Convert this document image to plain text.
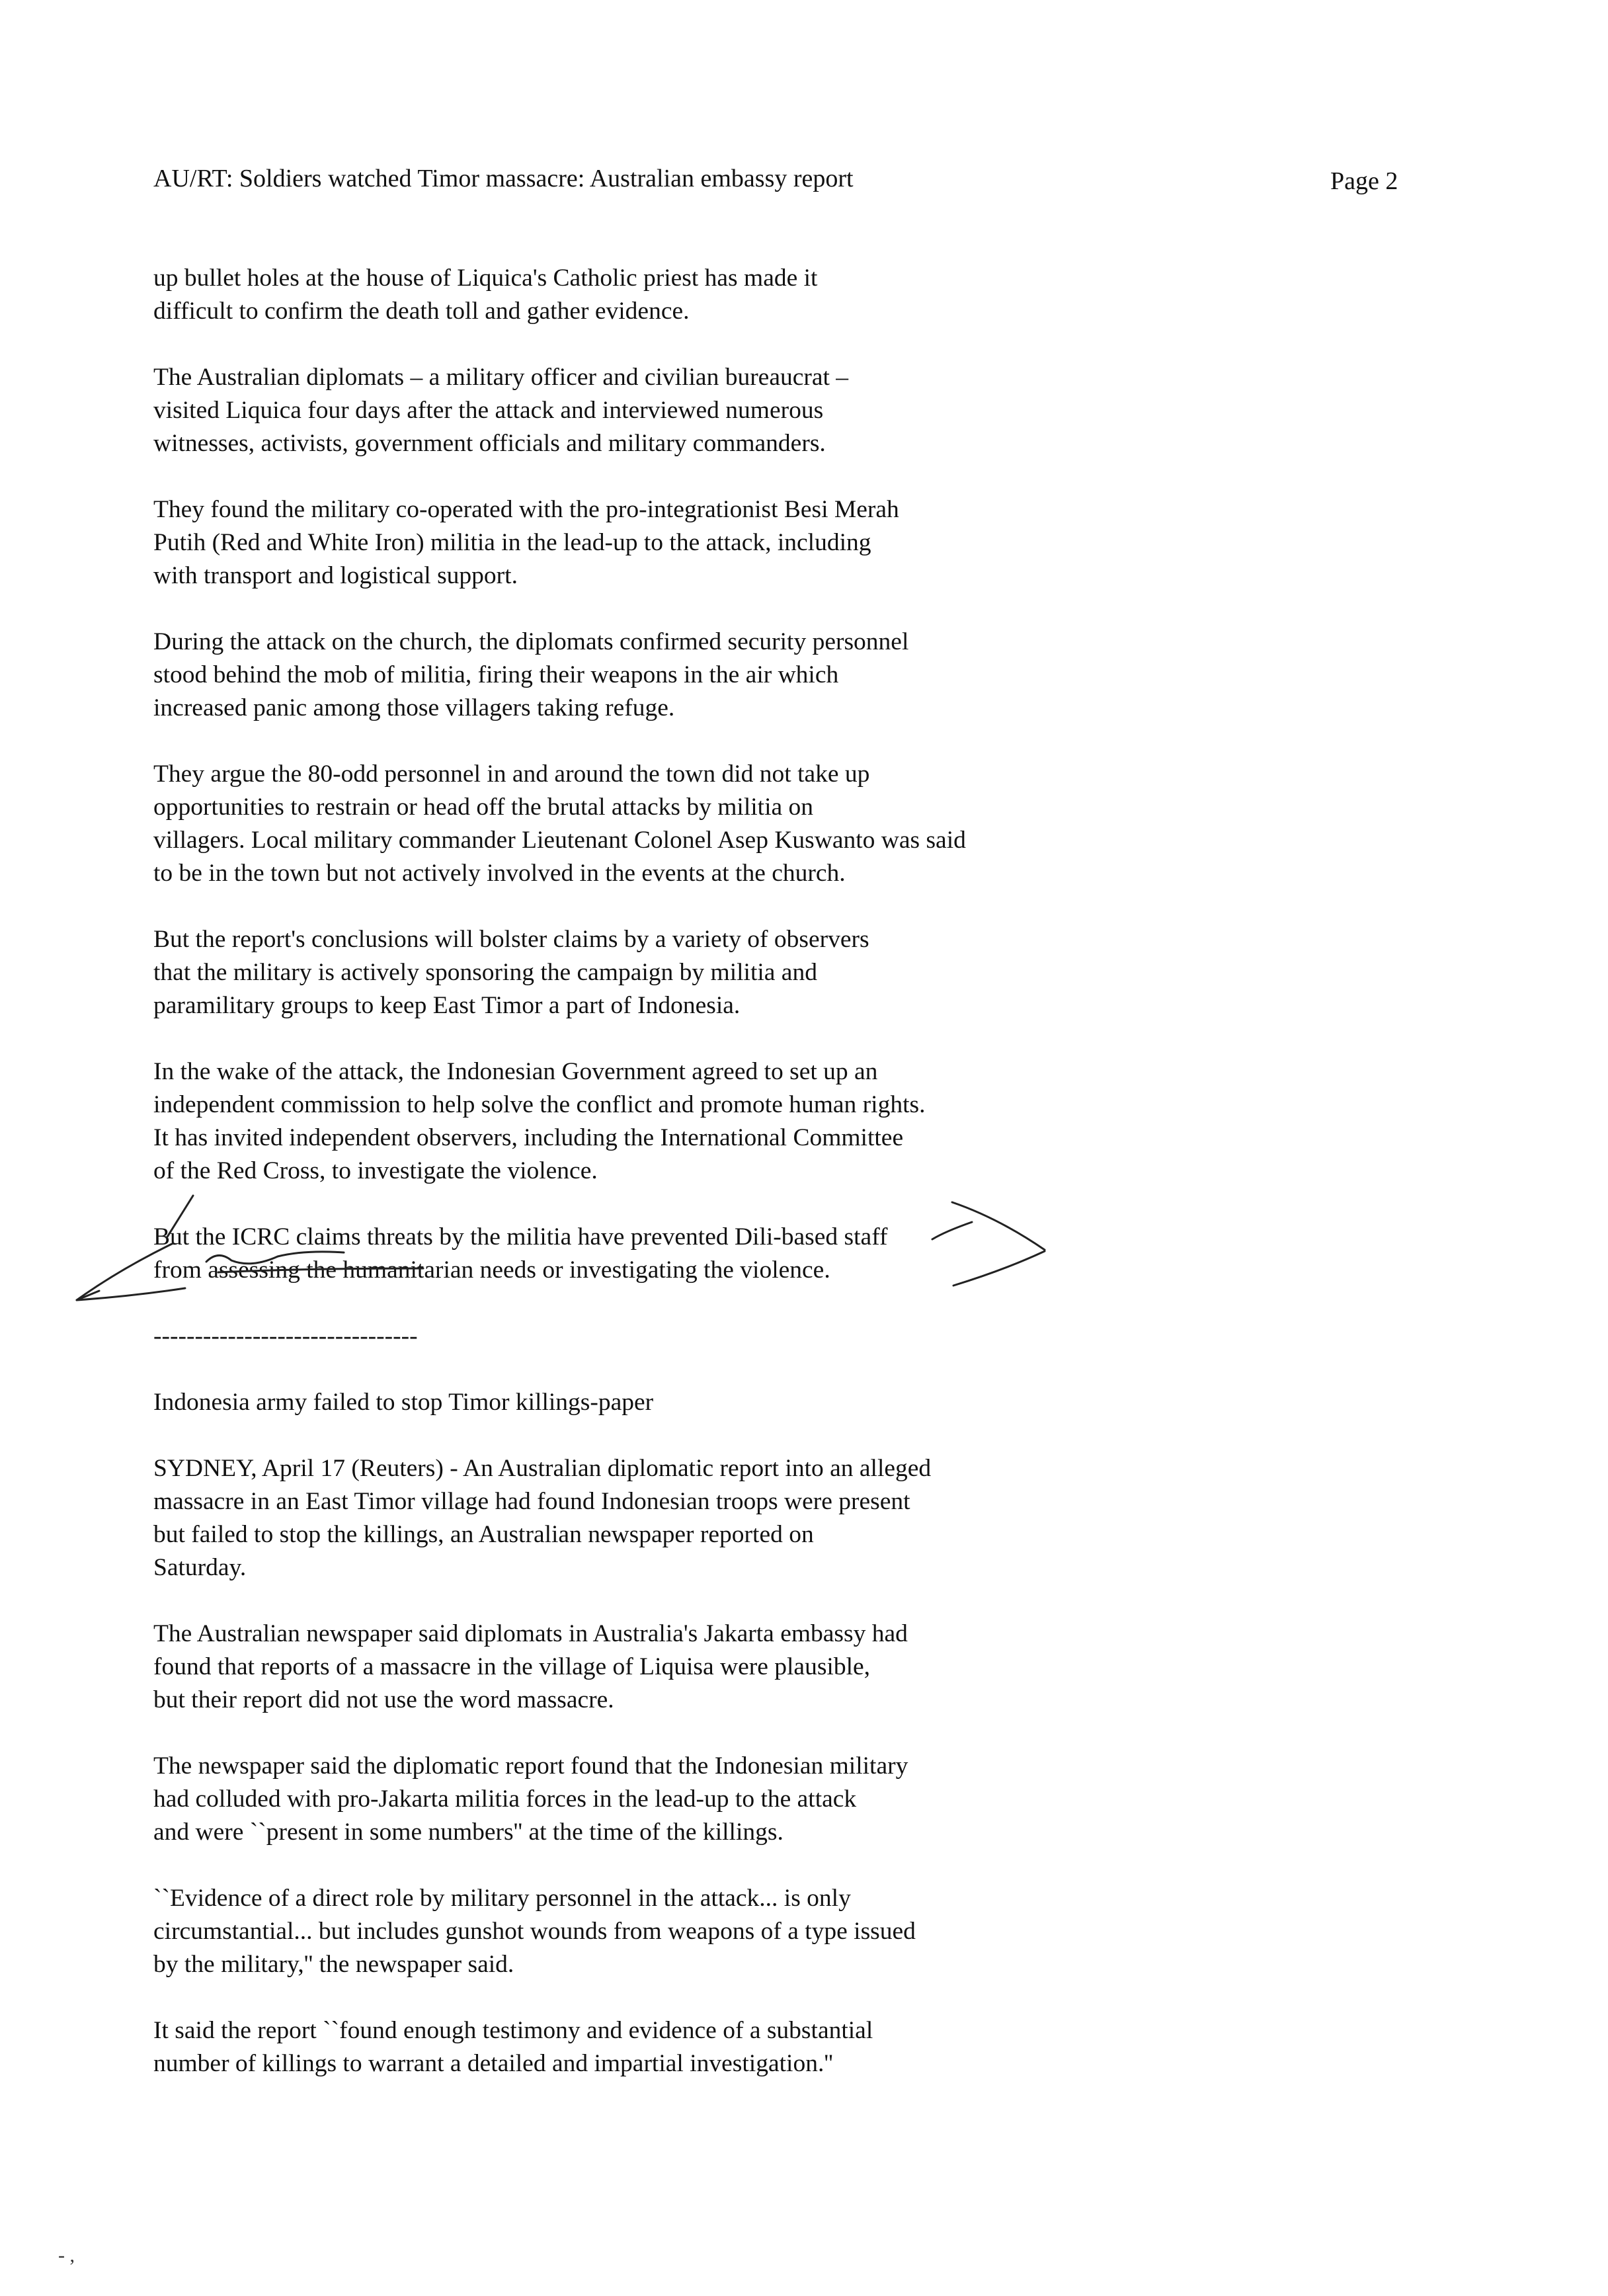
AU/RT: Soldiers watched Timor massacre: Australian embassy report	Page 2
up bullet holes at the house of Liquica's Catholic priest has made it
difficult to confirm the death toll and gather evidence.
The Australian diplomats – a military officer and civilian bureaucrat –
visited Liquica four days after the attack and interviewed numerous
witnesses, activists, government officials and military commanders.
They found the military co-operated with the pro-integrationist Besi Merah
Putih (Red and White Iron) militia in the lead-up to the attack, including
with transport and logistical support.
During the attack on the church, the diplomats confirmed security personnel
stood behind the mob of militia, firing their weapons in the air which
increased panic among those villagers taking refuge.
They argue the 80-odd personnel in and around the town did not take up
opportunities to restrain or head off the brutal attacks by militia on
villagers. Local military commander Lieutenant Colonel Asep Kuswanto was said
to be in the town but not actively involved in the events at the church.
But the report's conclusions will bolster claims by a variety of observers
that the military is actively sponsoring the campaign by militia and
paramilitary groups to keep East Timor a part of Indonesia.
In the wake of the attack, the Indonesian Government agreed to set up an
independent commission to help solve the conflict and promote human rights.
It has invited independent observers, including the International Committee
of the Red Cross, to investigate the violence.
But the ICRC claims threats by the militia have prevented Dili-based staff
from assessing the humanitarian needs or investigating the violence.
--------------------------------
Indonesia army failed to stop Timor killings-paper
SYDNEY, April 17 (Reuters) - An Australian diplomatic report into an alleged
massacre in an East Timor village had found Indonesian troops were present
but failed to stop the killings, an Australian newspaper reported on
Saturday.
The Australian newspaper said diplomats in Australia's Jakarta embassy had
found that reports of a massacre in the village of Liquisa were plausible,
but their report did not use the word massacre.
The newspaper said the diplomatic report found that the Indonesian military
had colluded with pro-Jakarta militia forces in the lead-up to the attack
and were ``present in some numbers'' at the time of the killings.
``Evidence of a direct role by military personnel in the attack... is only
circumstantial... but includes gunshot wounds from weapons of a type issued
by the military,'' the newspaper said.
It said the report ``found enough testimony and evidence of a substantial
number of killings to warrant a detailed and impartial investigation.''
- ,
